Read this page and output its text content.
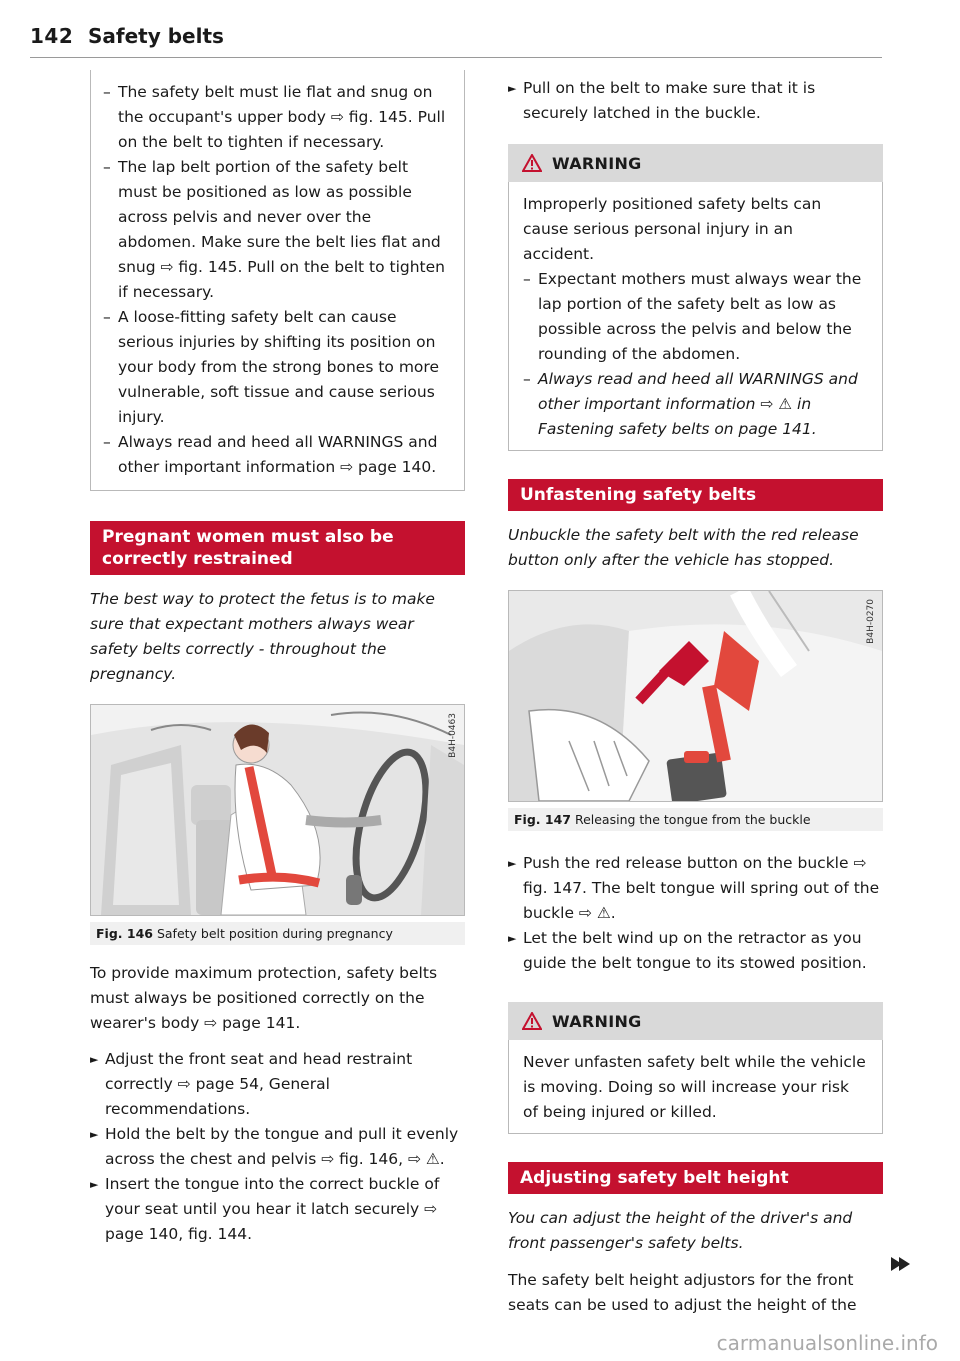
142 Safety belts
– The safety belt must lie flat and snug on the occupant's upper body ⇨ fig. 145. Pull on the belt to tighten if necessary.
– The lap belt portion of the safety belt must be positioned as low as possible across pelvis and never over the abdomen. Make sure the belt lies flat and snug ⇨ fig. 145. Pull on the belt to tighten if necessary.
– A loose-fitting safety belt can cause serious injuries by shifting its position on your body from the strong bones to more vulnerable, soft tissue and cause serious injury.
– Always read and heed all WARNINGS and other important information ⇨ page 140.
Pregnant women must also be correctly restrained

The best way to protect the fetus is to make sure that expectant mothers always wear safety belts correctly - throughout the pregnancy.

B4H-0463
Fig. 146 Safety belt position during pregnancy

To provide maximum protection, safety belts must always be positioned correctly on the wearer's body ⇨ page 141.

► Adjust the front seat and head restraint correctly ⇨ page 54, General recommendations.
► Hold the belt by the tongue and pull it evenly across the chest and pelvis ⇨ fig. 146, ⇨ ⚠.
► Insert the tongue into the correct buckle of your seat until you hear it latch securely ⇨ page 140, fig. 144.
► Pull on the belt to make sure that it is securely latched in the buckle.
WARNING

Improperly positioned safety belts can cause serious personal injury in an accident.

– Expectant mothers must always wear the lap portion of the safety belt as low as possible across the pelvis and below the rounding of the abdomen.
– Always read and heed all WARNINGS and other important information ⇨ ⚠ in Fastening safety belts on page 141.
Unfastening safety belts

Unbuckle the safety belt with the red release button only after the vehicle has stopped.

B4H-0270
Fig. 147 Releasing the tongue from the buckle
► Push the red release button on the buckle ⇨ fig. 147. The belt tongue will spring out of the buckle ⇨ ⚠.
► Let the belt wind up on the retractor as you guide the belt tongue to its stowed position.
WARNING

Never unfasten safety belt while the vehicle is moving. Doing so will increase your risk of being injured or killed.

Adjusting safety belt height

You can adjust the height of the driver's and front passenger's safety belts.

The safety belt height adjustors for the front seats can be used to adjust the height of the

carmanualsonline.info
